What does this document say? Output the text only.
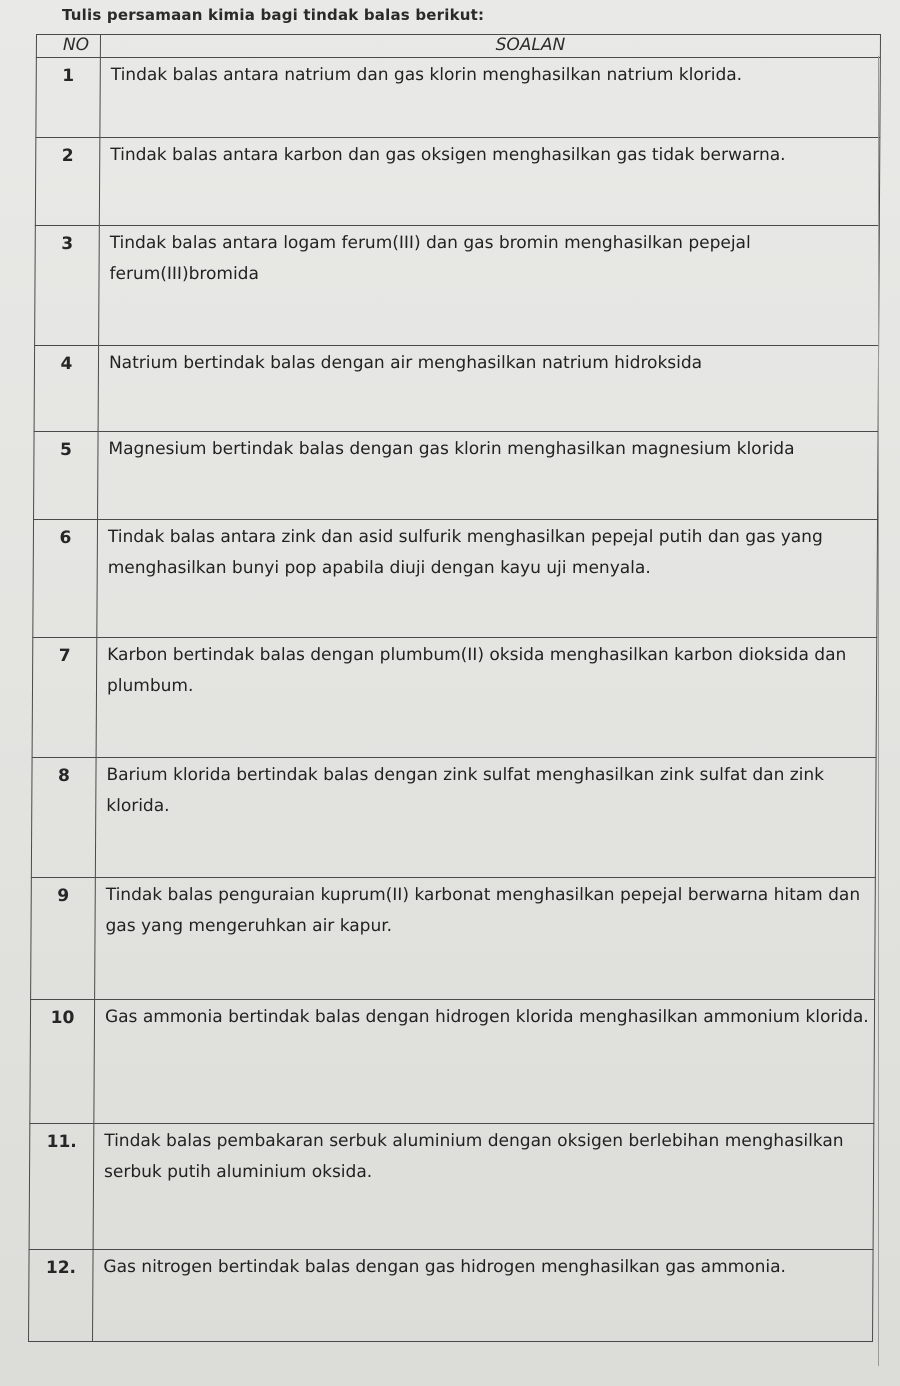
Tulis persamaan kimia bagi tindak balas berikut:
NO	SOALAN
1	Tindak balas antara natrium dan gas klorin menghasilkan natrium klorida.
2	Tindak balas antara karbon dan gas oksigen menghasilkan gas tidak berwarna.
3	Tindak balas antara logam ferum(III) dan gas bromin menghasilkan pepejal ferum(III)bromida
4	Natrium bertindak balas dengan air menghasilkan natrium hidroksida
5	Magnesium bertindak balas dengan gas klorin menghasilkan magnesium klorida
6	Tindak balas antara zink dan asid sulfurik menghasilkan pepejal putih dan gas yang menghasilkan bunyi pop apabila diuji dengan kayu uji menyala.
7	Karbon bertindak balas dengan plumbum(II) oksida menghasilkan karbon dioksida dan plumbum.
8	Barium klorida bertindak balas dengan zink sulfat menghasilkan zink sulfat dan zink klorida.
9	Tindak balas penguraian kuprum(II) karbonat menghasilkan pepejal berwarna hitam dan gas yang mengeruhkan air kapur.
10	Gas ammonia bertindak balas dengan hidrogen klorida menghasilkan ammonium klorida.
11.	Tindak balas pembakaran serbuk aluminium dengan oksigen berlebihan menghasilkan serbuk putih aluminium oksida.
12.	Gas nitrogen bertindak balas dengan gas hidrogen menghasilkan gas ammonia.
